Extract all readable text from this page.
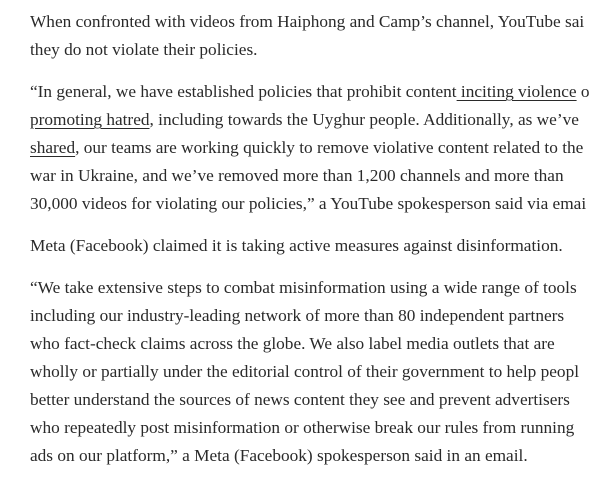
When confronted with videos from Haiphong and Camp’s channel, YouTube sai
they do not violate their policies.

“In general, we have established policies that prohibit content inciting violence o
promoting hatred, including towards the Uyghur people. Additionally, as we’ve
shared, our teams are working quickly to remove violative content related to the
war in Ukraine, and we’ve removed more than 1,200 channels and more than
30,000 videos for violating our policies,” a YouTube spokesperson said via emai

Meta (Facebook) claimed it is taking active measures against disinformation.

“We take extensive steps to combat misinformation using a wide range of tools
including our industry-leading network of more than 80 independent partners
who fact-check claims across the globe. We also label media outlets that are
wholly or partially under the editorial control of their government to help peopl
better understand the sources of news content they see and prevent advertisers
who repeatedly post misinformation or otherwise break our rules from running
ads on our platform,” a Meta (Facebook) spokesperson said in an email.
